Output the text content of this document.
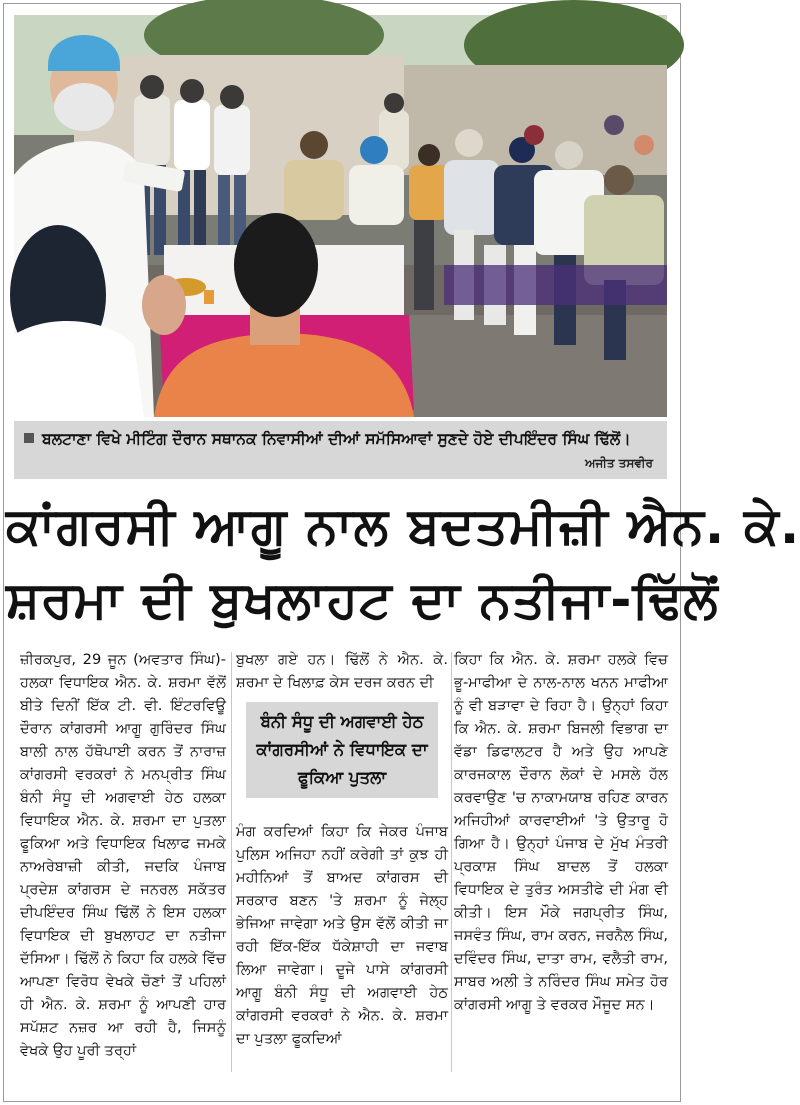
ਬਲਟਾਣਾ ਵਿਖੇ ਮੀਟਿੰਗ ਦੌਰਾਨ ਸਥਾਨਕ ਨਿਵਾਸੀਆਂ ਦੀਆਂ ਸਮੱਸਿਆਵਾਂ ਸੁਣਦੇ ਹੋਏ ਦੀਪਇੰਦਰ ਸਿੰਘ ਢਿੱਲੋਂ।
ਅਜੀਤ ਤਸਵੀਰ
ਕਾਂਗਰਸੀ ਆਗੂ ਨਾਲ ਬਦਤਮੀਜ਼ੀ ਐਨ. ਕੇ.
ਸ਼ਰਮਾ ਦੀ ਬੁਖਲਾਹਟ ਦਾ ਨਤੀਜਾ-ਢਿੱਲੋਂ
ਜ਼ੀਰਕਪੁਰ, 29 ਜੂਨ (ਅਵਤਾਰ ਸਿੰਘ)-ਹਲਕਾ ਵਿਧਾਇਕ ਐਨ. ਕੇ. ਸ਼ਰਮਾ ਵੱਲੋਂ ਬੀਤੇ ਦਿਨੀਂ ਇੱਕ ਟੀ. ਵੀ. ਇੰਟਰਵਿਊ ਦੌਰਾਨ ਕਾਂਗਰਸੀ ਆਗੂ ਗੁਰਿੰਦਰ ਸਿੰਘ ਬਾਲੀ ਨਾਲ ਹੱਥੋਪਾਈ ਕਰਨ ਤੋਂ ਨਾਰਾਜ਼ ਕਾਂਗਰਸੀ ਵਰਕਰਾਂ ਨੇ ਮਨਪ੍ਰੀਤ ਸਿੰਘ ਬੰਨੀ ਸੰਧੂ ਦੀ ਅਗਵਾਈ ਹੇਠ ਹਲਕਾ ਵਿਧਾਇਕ ਐਨ. ਕੇ. ਸ਼ਰਮਾ ਦਾ ਪੁਤਲਾ ਫੂਕਿਆ ਅਤੇ ਵਿਧਾਇਕ ਖਿਲਾਫ ਜਮਕੇ ਨਾਅਰੇਬਾਜ਼ੀ ਕੀਤੀ, ਜਦਕਿ ਪੰਜਾਬ ਪ੍ਰਦੇਸ਼ ਕਾਂਗਰਸ ਦੇ ਜਨਰਲ ਸਕੱਤਰ ਦੀਪਇੰਦਰ ਸਿੰਘ ਢਿੱਲੋਂ ਨੇ ਇਸ ਹਲਕਾ ਵਿਧਾਇਕ ਦੀ ਬੁਖਲਾਹਟ ਦਾ ਨਤੀਜਾ ਦੱਸਿਆ। ਢਿੱਲੋਂ ਨੇ ਕਿਹਾ ਕਿ ਹਲਕੇ ਵਿੱਚ ਆਪਣਾ ਵਿਰੋਧ ਵੇਖਕੇ ਚੋਣਾਂ ਤੋਂ ਪਹਿਲਾਂ ਹੀ ਐਨ. ਕੇ. ਸ਼ਰਮਾ ਨੂੰ ਆਪਣੀ ਹਾਰ ਸਪੱਸ਼ਟ ਨਜ਼ਰ ਆ ਰਹੀ ਹੈ, ਜਿਸਨੂੰ ਵੇਖਕੇ ਉਹ ਪੂਰੀ ਤਰ੍ਹਾਂ
ਬੁਖਲਾ ਗਏ ਹਨ। ਢਿੱਲੋਂ ਨੇ ਐਨ. ਕੇ. ਸ਼ਰਮਾ ਦੇ ਖਿਲਾਫ਼ ਕੇਸ ਦਰਜ ਕਰਨ ਦੀ
ਬੰਨੀ ਸੰਧੂ ਦੀ ਅਗਵਾਈ ਹੇਠ ਕਾਂਗਰਸੀਆਂ ਨੇ ਵਿਧਾਇਕ ਦਾ ਫੂਕਿਆ ਪੁਤਲਾ
ਮੰਗ ਕਰਦਿਆਂ ਕਿਹਾ ਕਿ ਜੇਕਰ ਪੰਜਾਬ ਪੁਲਿਸ ਅਜਿਹਾ ਨਹੀਂ ਕਰੇਗੀ ਤਾਂ ਕੁਝ ਹੀ ਮਹੀਨਿਆਂ ਤੋਂ ਬਾਅਦ ਕਾਂਗਰਸ ਦੀ ਸਰਕਾਰ ਬਣਨ 'ਤੇ ਸ਼ਰਮਾ ਨੂੰ ਜੇਲ੍ਹ ਭੇਜਿਆ ਜਾਵੇਗਾ ਅਤੇ ਉਸ ਵੱਲੋਂ ਕੀਤੀ ਜਾ ਰਹੀ ਇੱਕ-ਇੱਕ ਧੱਕੇਸ਼ਾਹੀ ਦਾ ਜਵਾਬ ਲਿਆ ਜਾਵੇਗਾ। ਦੂਜੇ ਪਾਸੇ ਕਾਂਗਰਸੀ ਆਗੂ ਬੰਨੀ ਸੰਧੂ ਦੀ ਅਗਵਾਈ ਹੇਠ ਕਾਂਗਰਸੀ ਵਰਕਰਾਂ ਨੇ ਐਨ. ਕੇ. ਸ਼ਰਮਾ ਦਾ ਪੁਤਲਾ ਫੂਕਦਿਆਂ
ਕਿਹਾ ਕਿ ਐਨ. ਕੇ. ਸ਼ਰਮਾ ਹਲਕੇ ਵਿਚ ਭੂ-ਮਾਫੀਆ ਦੇ ਨਾਲ-ਨਾਲ ਖਨਨ ਮਾਫੀਆ ਨੂੰ ਵੀ ਬੜਾਵਾ ਦੇ ਰਿਹਾ ਹੈ। ਉਨ੍ਹਾਂ ਕਿਹਾ ਕਿ ਐਨ. ਕੇ. ਸ਼ਰਮਾ ਬਿਜਲੀ ਵਿਭਾਗ ਦਾ ਵੱਡਾ ਡਿਫਾਲਟਰ ਹੈ ਅਤੇ ਉਹ ਆਪਣੇ ਕਾਰਜਕਾਲ ਦੌਰਾਨ ਲੋਕਾਂ ਦੇ ਮਸਲੇ ਹੱਲ ਕਰਵਾਉਣ 'ਚ ਨਾਕਾਮਯਾਬ ਰਹਿਣ ਕਾਰਨ ਅਜਿਹੀਆਂ ਕਾਰਵਾਈਆਂ 'ਤੇ ਉਤਾਰੂ ਹੋ ਗਿਆ ਹੈ। ਉਨ੍ਹਾਂ ਪੰਜਾਬ ਦੇ ਮੁੱਖ ਮੰਤਰੀ ਪ੍ਰਕਾਸ਼ ਸਿੰਘ ਬਾਦਲ ਤੋਂ ਹਲਕਾ ਵਿਧਾਇਕ ਦੇ ਤੁਰੰਤ ਅਸਤੀਫੇ ਦੀ ਮੰਗ ਵੀ ਕੀਤੀ। ਇਸ ਮੌਕੇ ਜਗਪ੍ਰੀਤ ਸਿੰਘ, ਜਸਵੰਤ ਸਿੰਘ, ਰਾਮ ਕਰਨ, ਜਰਨੈਲ ਸਿੰਘ, ਦਵਿੰਦਰ ਸਿੰਘ, ਦਾਤਾ ਰਾਮ, ਵਲੈਤੀ ਰਾਮ, ਸਾਬਰ ਅਲੀ ਤੇ ਨਰਿੰਦਰ ਸਿੰਘ ਸਮੇਤ ਹੋਰ ਕਾਂਗਰਸੀ ਆਗੂ ਤੇ ਵਰਕਰ ਮੌਜੂਦ ਸਨ।
